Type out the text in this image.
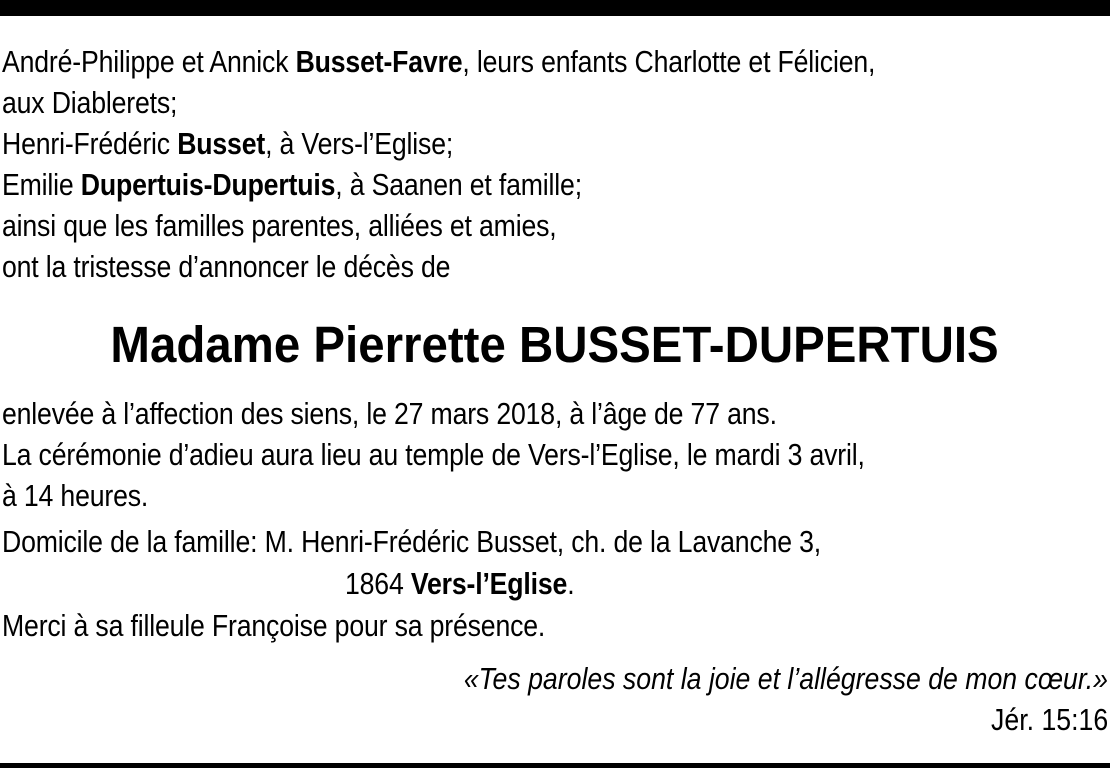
André-Philippe et Annick Busset-Favre, leurs enfants Charlotte et Félicien,
aux Diablerets;
Henri-Frédéric Busset, à Vers-l’Eglise;
Emilie Dupertuis-Dupertuis, à Saanen et famille;
ainsi que les familles parentes, alliées et amies,
ont la tristesse d’annoncer le décès de
Madame Pierrette BUSSET-DUPERTUIS
enlevée à l’affection des siens, le 27 mars 2018, à l’âge de 77 ans.
La cérémonie d’adieu aura lieu au temple de Vers-l’Eglise, le mardi 3 avril,
à 14 heures.
Domicile de la famille: M. Henri-Frédéric Busset, ch. de la Lavanche 3,
1864 Vers-l’Eglise.
Merci à sa filleule Françoise pour sa présence.
«Tes paroles sont la joie et l’allégresse de mon cœur.»
Jér. 15:16
